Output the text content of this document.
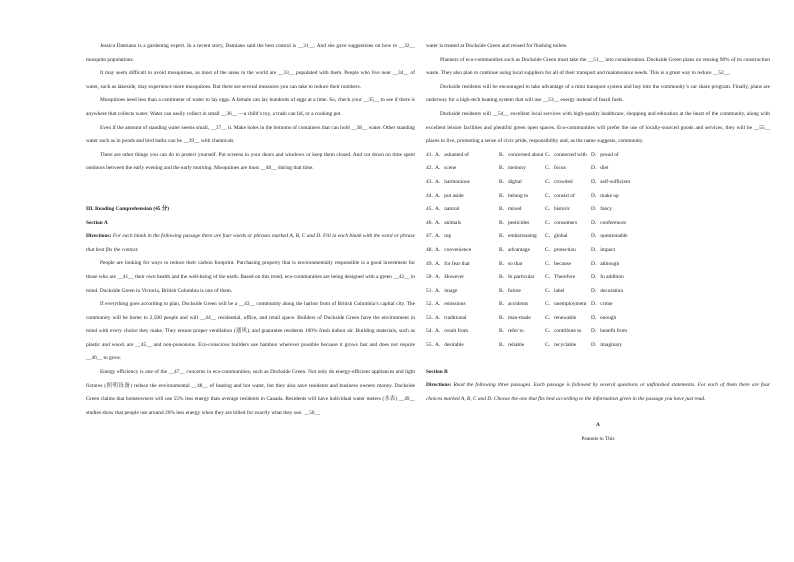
Jessica Damiano is a gardening expert. In a recent story, Damiano said the best control is __31__. And she gave suggestions on how to __32__ mosquito populations.

It may seem difficult to avoid mosquitoes, as most of the areas in the world are __33__ populated with them. People who live near __34__ of water, such as lakeside, may experience more mosquitoes. But there are several measures you can take to reduce their numbers.

Mosquitoes need less than a centimeter of water to lay eggs. A female can lay hundreds of eggs at a time. So, check your __35__ to see if there is anywhere that collects water. Water can easily collect in small __36__ —a child’s toy, a trash can lid, or a cooking pot.

Even if the amount of standing water seems small, __37__ it. Make holes in the bottoms of containers that can hold __38__ water. Other standing water such as in ponds and bird baths can be __39__ with chemicals.

There are other things you can do to protect yourself. Put screens in your doors and windows or keep them closed. And cut down on time spent outdoors between the early evening and the early morning. Mosquitoes are most __40__ during that time.

III. Reading Comprehension (45 分)

Section A

Directions: For each blank in the following passage there are four words or phrases marked A, B, C and D. Fill in each blank with the word or phrase that best fits the context.

People are looking for ways to reduce their carbon footprint. Purchasing property that is environmentally responsible is a good investment for those who are __41__ their own health and the well-being of the earth. Based on this trend, eco-communities are being designed with a green __42__ in mind. Dockside Green in Victoria, British Columbia is one of them.

If everything goes according to plan, Dockside Green will be a __43__ community along the harbor front of British Columbia’s capital city. The community will be home to 2,500 people and will __44__ residential, office, and retail space. Builders of Dockside Green have the environment in mind with every choice they make. They ensure proper ventilation (通风), and guarantee residents 100% fresh indoor air. Building materials, such as plastic and wood, are __45__ and non-poisonous. Eco-conscious builders use bamboo wherever possible because it grows fast and does not require __46__ to grow.

Energy efficiency is one of the __47__ concerns in eco-communities, such as Dockside Green. Not only do energy-efficient appliances and light fixtures (照明设备) reduce the environmental __48__ of heating and hot water, but they also save residents and business owners money. Dockside Green claims that homeowners will use 55% less energy than average residents in Canada. Residents will have individual water meters (水表) __49__ studies show that people use around 20% less energy when they are billed for exactly what they use. __50__

water is treated at Dockside Green and reused for flushing toilets.

Planners of eco-communities such as Dockside Green must take the __51__ into consideration. Dockside Green plans on reusing 90% of its construction waste. They also plan to continue using local suppliers for all of their transport and maintenance needs. This is a great way to reduce __52__.

Dockside residents will be encouraged to take advantage of a mini transport system and buy into the community’s car share program. Finally, plans are underway for a high-tech heating system that will use __53__ energy instead of fossil fuels.

Dockside residents will __54__ excellent local services with high-quality healthcare, shopping and education at the heart of the community, along with excellent leisure facilities and plentiful green open spaces. Eco-communities will prefer the use of locally-sourced goods and services, they will be __55__ places to live, promoting a sense of civic pride, responsibility and, as the name suggests, community.

41．
A．ashamed of	B．concerned about C．connected with D．proud of
42．
A．scene	B．memory	C．focus	D．diet
43．
A．harmonious	B．digital	C．crowded	D．self-sufficient
44．
A．put aside	B．belong to	C．consist of	D．make up
45．
A．natural	B．mixed	C．historic	D．fancy
46．
A．animals	B．pesticides	C．consumers	D．conferences
47．
A．top	B．embarrassing	C．global	D．questionable
48．
A．convenience	B．advantage	C．protection	D．impact
49．
A．for fear that	B．so that	C．because	D．although
50．
A．However	B．In particular	C．Therefore	D．In addition
51．
A．image	B．future	C．label	D．decoration
52．
A．emissions	B．accidents	C．unemployment D．crime
53．
A．traditional	B．man-made	C．renewable	D．enough
54．
A．result from	B．refer to	C．contribute to	D．benefit from
55．
A．desirable	B．reliable	C．recyclable	D．imaginary

Section B

Directions: Read the following three passages. Each passage is followed by several questions or unfinished statements. For each of them there are four choices marked A, B, C and D. Choose the one that fits best according to the information given in the passage you have just read.

A

Peanuts to This
